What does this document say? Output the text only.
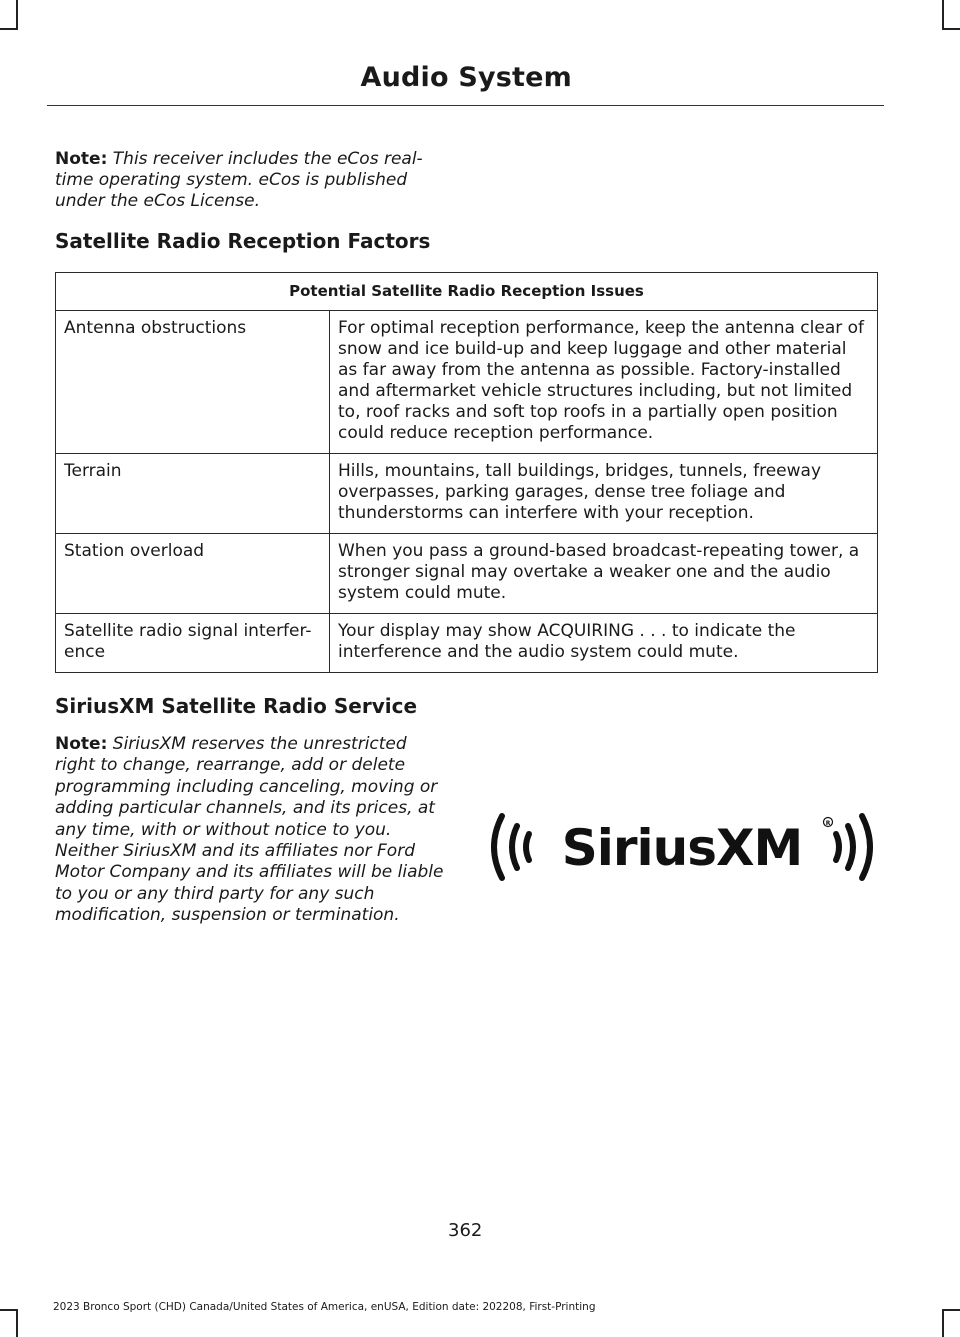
Audio System
Note: This receiver includes the eCos real-time operating system. eCos is published under the eCos License.
Satellite Radio Reception Factors
Potential Satellite Radio Reception Issues	
Antenna obstructions	For optimal reception performance, keep the antenna clear of snow and ice build-up and keep luggage and other material as far away from the antenna as possible. Factory-installed and aftermarket vehicle structures including, but not limited to, roof racks and soft top roofs in a partially open position could reduce reception performance.
Terrain	Hills, mountains, tall buildings, bridges, tunnels, freeway overpasses, parking garages, dense tree foliage and thunderstorms can interfere with your reception.
Station overload	When you pass a ground-based broadcast-repeating tower, a stronger signal may overtake a weaker one and the audio system could mute.
Satellite radio signal interfer-ence	Your display may show ACQUIRING . . . to indicate the interference and the audio system could mute.
SiriusXM Satellite Radio Service
Note: SiriusXM reserves the unrestricted right to change, rearrange, add or delete programming including canceling, moving or adding particular channels, and its prices, at any time, with or without notice to you. Neither SiriusXM and its affiliates nor Ford Motor Company and its affiliates will be liable to you or any third party for any such modification, suspension or termination.
SiriusXM	R
362
2023 Bronco Sport (CHD) Canada/United States of America, enUSA, Edition date: 202208, First-Printing
